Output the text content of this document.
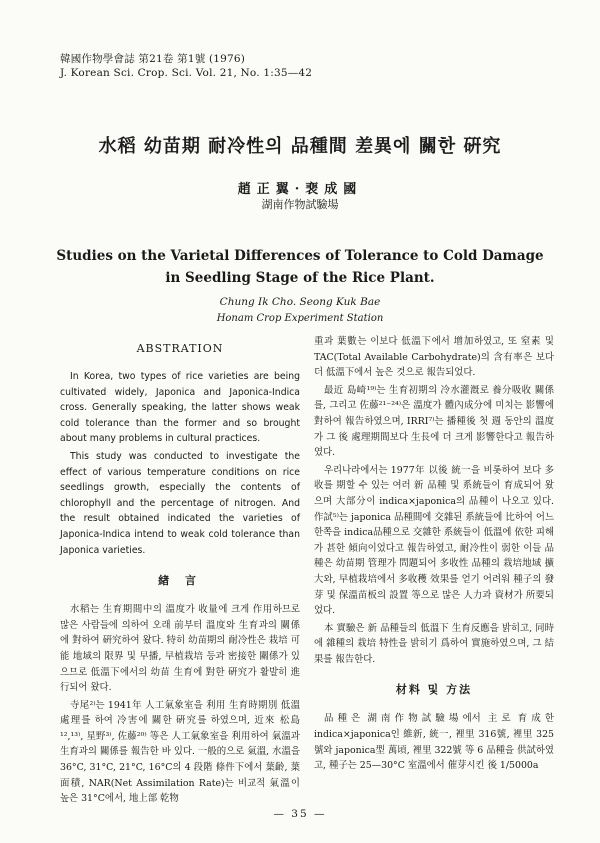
韓國作物學會誌 第21卷 第1號 (1976)
J. Korean Sci. Crop. Sci. Vol. 21, No. 1:35—42
水稻 幼苗期 耐冷性의 品種間 差異에 關한 硏究
趙正翼·裵成國
湖南作物試驗場
Studies on the Varietal Differences of Tolerance to Cold Damage
in Seedling Stage of the Rice Plant.
Chung Ik Cho. Seong Kuk Bae
Honam Crop Experiment Station
ABSTRATION

In Korea, two types of rice varieties are being cultivated widely, Japonica and Japonica-Indica cross. Generally speaking, the latter shows weak cold tolerance than the former and so brought about many problems in cultural practices.

This study was conducted to investigate the effect of various temperature conditions on rice seedlings growth, especially the contents of chlorophyll and the percentage of nitrogen. And the result obtained indicated the varieties of Japonica-Indica intend to weak cold tolerance than Japonica varieties.

緖 言

水稻는 生育期間中의 溫度가 收量에 크게 作用하므로 많은 사람들에 의하여 오래 前부터 溫度와 生育과의 關係에 對하여 硏究하여 왔다. 特히 幼苗期의 耐冷性은 栽培 可能 地域의 限界 및 早播, 早植栽培 등과 密接한 關係가 있으므로 低溫下에서의 幼苗 生育에 對한 硏究가 활발히 進行되어 왔다.

寺尾²⁾는 1941年 人工氣象室을 利用 生育時期別 低溫處理를 하여 冷害에 關한 硏究를 하였으며, 近來 松島¹²,¹³⁾, 星野³⁾, 佐藤²⁰⁾ 等은 人工氣象室을 利用하여 氣溫과 生育과의 關係를 報告한 바 있다. 一般的으로 氣溫, 水溫을 36°C, 31°C, 21°C, 16°C의 4 段階 條件下에서 葉齡, 葉面積, NAR(Net Assimilation Rate)는 비교적 氣溫이 높은 31°C에서, 地上部 乾物

重과 葉數는 이보다 低溫下에서 增加하였고, 또 窒素 및 TAC(Total Available Carbohydrate)의 含有率은 보다 더 低溫下에서 높은 것으로 報告되었다.

最近 島崎¹⁹⁾는 生育初期의 冷水灌漑로 養分吸收 關係를, 그리고 佐藤²¹⁻²⁴⁾은 溫度가 體內成分에 미치는 影響에 對하여 報告하였으며, IRRI⁷⁾는 播種後 첫 週 동안의 溫度가 그 後 處理期間보다 生長에 더 크게 影響한다고 報告하였다.

우리나라에서는 1977年 以後 統一을 비롯하여 보다 多收를 期할 수 있는 여러 新 品種 및 系統들이 育成되어 왔으며 大部分이 indica×japonica의 品種이 나오고 있다. 作試⁵⁾는 japonica 品種間에 交雜된 系統들에 比하여 어느 한쪽을 indica品種으로 交雜한 系統들이 低溫에 依한 피해가 甚한 傾向이었다고 報告하였고, 耐冷性이 弱한 이들 品種은 幼苗期 管理가 問題되어 多收性 品種의 栽培地域 擴大와, 早植栽培에서 多收穫 效果를 얻기 어려워 種子의 發芽 및 保溫苗板의 設置 等으로 많은 人力과 資材가 所要되었다.

本 實驗은 新 品種들의 低溫下 生育反應을 밝히고, 同時에 雜種의 栽培 特性을 밝히기 爲하여 實施하였으며, 그 結果를 報告한다.

材料 및 方法

品種은 湖南作物試驗場에서 主로 育成한 indica×japonica인 維新, 統一, 裡里 316號, 裡里 325號와 japonica型 萬頃, 裡里 322號 等 6 品種을 供試하였고, 種子는 25—30°C 室溫에서 催芽시킨 後 1/5000a

— 35 —
